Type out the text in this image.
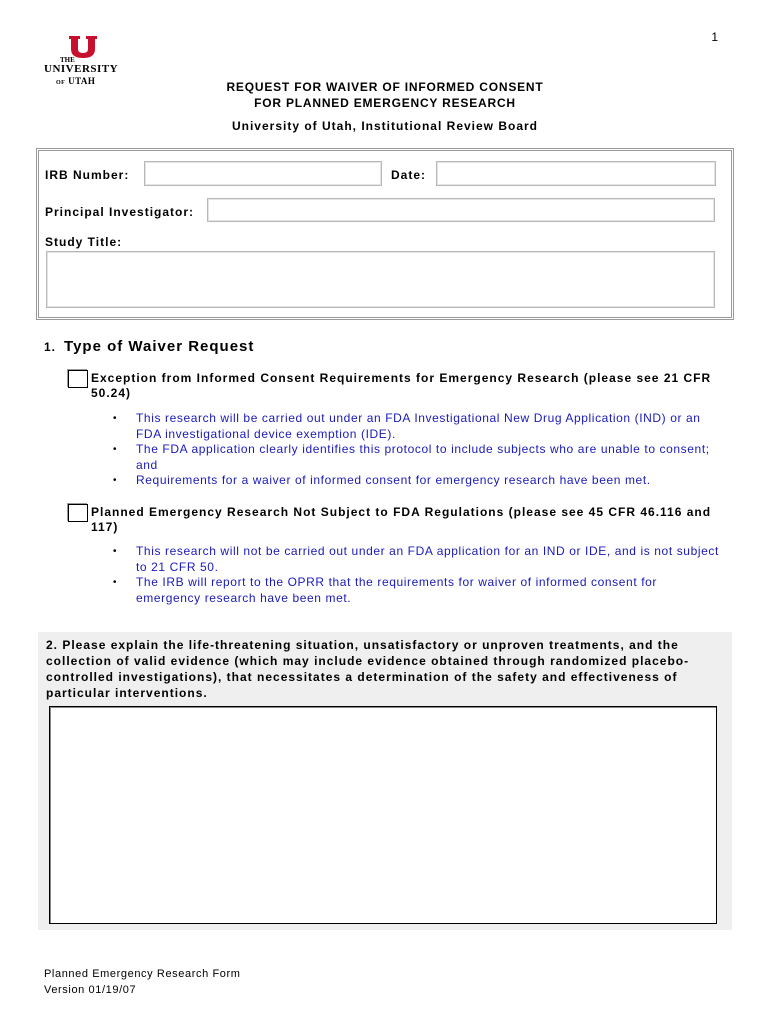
1
THE
UNIVERSITY
OF UTAH	REQUEST FOR WAIVER OF INFORMED CONSENT
FOR PLANNED EMERGENCY RESEARCH
University of Utah, Institutional Review Board
IRB Number:	Date:
Principal Investigator:
Study Title:
1. Type of Waiver Request
Exception from Informed Consent Requirements for Emergency Research (please see 21 CFR 50.24)
• This research will be carried out under an FDA Investigational New Drug Application (IND) or an FDA investigational device exemption (IDE).
• The FDA application clearly identifies this protocol to include subjects who are unable to consent; and
• Requirements for a waiver of informed consent for emergency research have been met.
Planned Emergency Research Not Subject to FDA Regulations (please see 45 CFR 46.116 and 117)
• This research will not be carried out under an FDA application for an IND or IDE, and is not subject to 21 CFR 50.
• The IRB will report to the OPRR that the requirements for waiver of informed consent for emergency research have been met.
2. Please explain the life-threatening situation, unsatisfactory or unproven treatments, and the collection of valid evidence (which may include evidence obtained through randomized placebo-controlled investigations), that necessitates a determination of the safety and effectiveness of particular interventions.
Planned Emergency Research Form
Version 01/19/07
